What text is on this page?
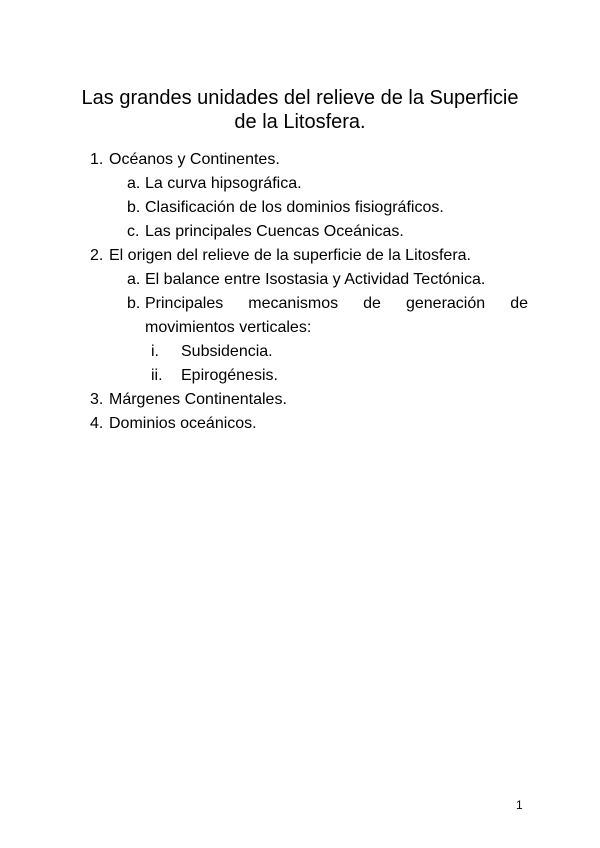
Las grandes unidades del relieve de la Superficie
de la Litosfera.
1. Océanos y Continentes.
a. La curva hipsográfica.
b. Clasificación de los dominios fisiográficos.
c. Las principales Cuencas Oceánicas.
2. El origen del relieve de la superficie de la Litosfera.
a. El balance entre Isostasia y Actividad Tectónica.
b. Principales mecanismos de generación de movimientos verticales:
i.	Subsidencia.
ii.	Epirogénesis.
3. Márgenes Continentales.
4. Dominios oceánicos.
1
